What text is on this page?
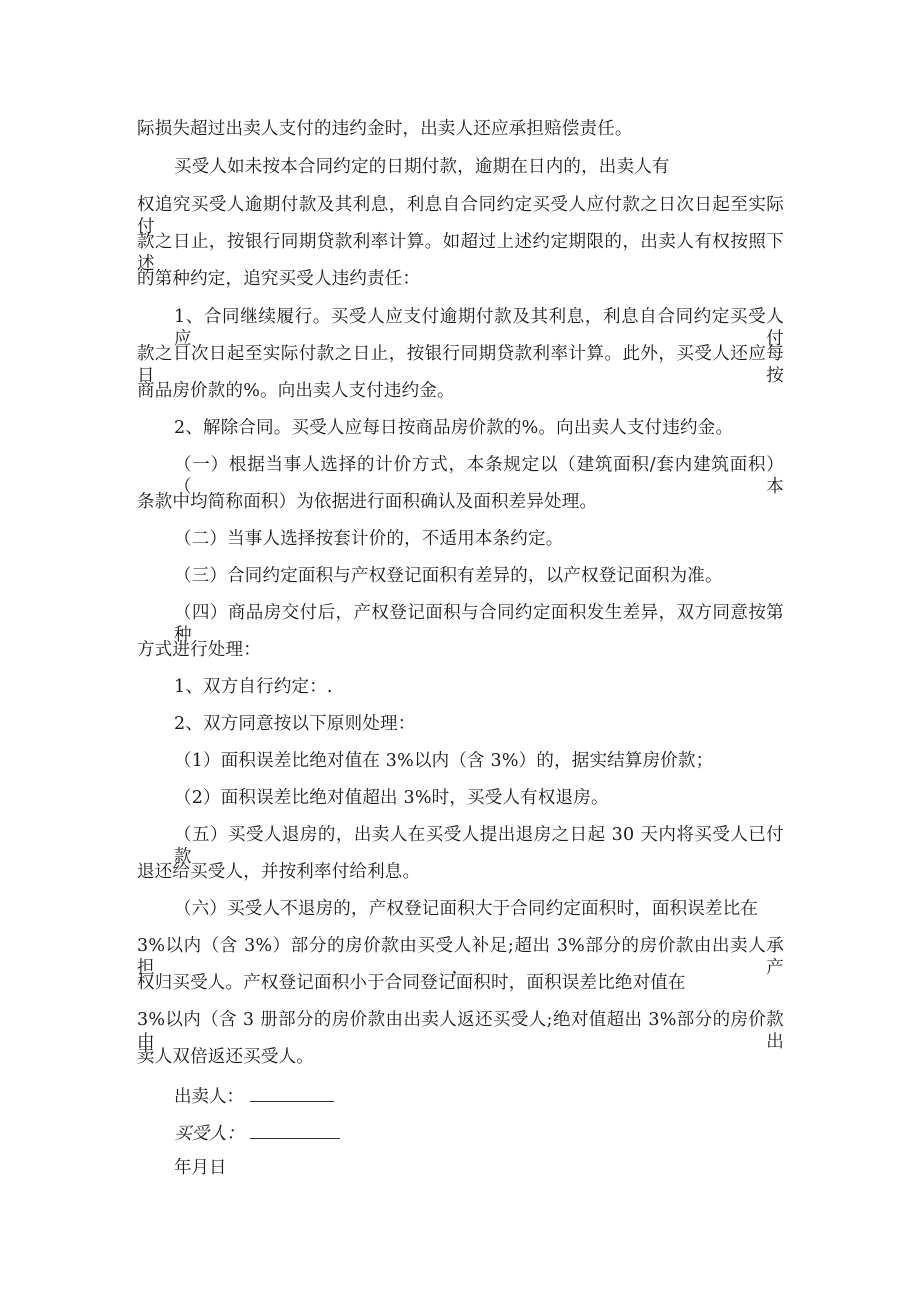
际损失超过出卖人支付的违约金时，出卖人还应承担赔偿责任。
买受人如未按本合同约定的日期付款，逾期在日内的，出卖人有
权追究买受人逾期付款及其利息，利息自合同约定买受人应付款之日次日起至实际付
款之日止，按银行同期贷款利率计算。如超过上述约定期限的，出卖人有权按照下述
的第种约定，追究买受人违约责任：
1、合同继续履行。买受人应支付逾期付款及其利息，利息自合同约定买受人应付
款之日次日起至实际付款之日止，按银行同期贷款利率计算。此外，买受人还应每日按
商品房价款的%。向出卖人支付违约金。
2、解除合同。买受人应每日按商品房价款的%。向出卖人支付违约金。
（一）根据当事人选择的计价方式，本条规定以（建筑面积/套内建筑面积）（本
条款中均简称面积）为依据进行面积确认及面积差异处理。
（二）当事人选择按套计价的，不适用本条约定。
（三）合同约定面积与产权登记面积有差异的，以产权登记面积为准。
（四）商品房交付后，产权登记面积与合同约定面积发生差异，双方同意按第种
方式进行处理：
1、双方自行约定：.
2、双方同意按以下原则处理：
（1）面积误差比绝对值在 3%以内（含 3%）的，据实结算房价款；
（2）面积误差比绝对值超出 3%时，买受人有权退房。
（五）买受人退房的，出卖人在买受人提出退房之日起 30 天内将买受人已付款
退还给买受人，并按利率付给利息。
（六）买受人不退房的，产权登记面积大于合同约定面积时，面积误差比在
3%以内（含 3%）部分的房价款由买受人补足;超出 3%部分的房价款由出卖人承担，产
权归买受人。产权登记面积小于合同登记面积时，面积误差比绝对值在
3%以内（含 3 册部分的房价款由出卖人返还买受人;绝对值超出 3%部分的房价款由出
卖人双倍返还买受人。
出卖人：
买受人：
年月日
